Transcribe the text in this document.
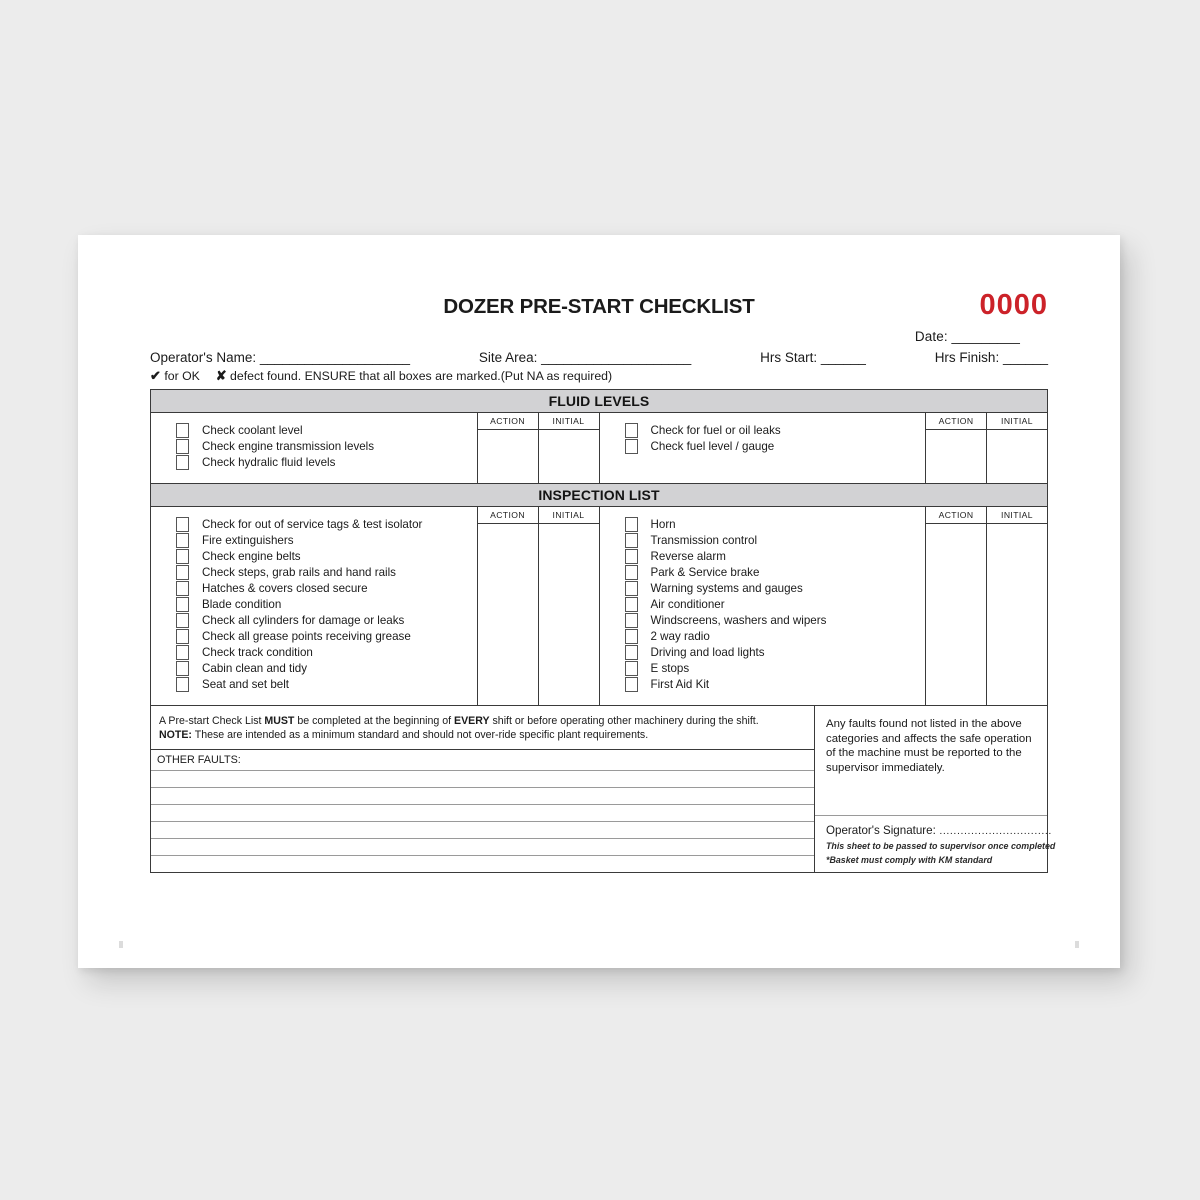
DOZER PRE-START CHECKLIST	0000
Date: _________
Operator's Name: ____________________	Site Area: ____________________	Hrs Start: ______	Hrs Finish: ______
✔ for OK ✘ defect found. ENSURE that all boxes are marked.(Put NA as required)
FLUID LEVELS
Check coolant level
Check engine transmission levels
Check hydralic fluid levels
ACTION	INITIAL
Check for fuel or oil leaks
Check fuel level / gauge
ACTION	INITIAL
INSPECTION LIST
Check for out of service tags & test isolator
Fire extinguishers
Check engine belts
Check steps, grab rails and hand rails
Hatches & covers closed secure
Blade condition
Check all cylinders for damage or leaks
Check all grease points receiving grease
Check track condition
Cabin clean and tidy
Seat and set belt
ACTION	INITIAL
Horn
Transmission control
Reverse alarm
Park & Service brake
Warning systems and gauges
Air conditioner
Windscreens, washers and wipers
2 way radio
Driving and load lights
E stops
First Aid Kit
ACTION	INITIAL
A Pre-start Check List MUST be completed at the beginning of EVERY shift or before operating other machinery during the shift.
NOTE: These are intended as a minimum standard and should not over-ride specific plant requirements.
OTHER FAULTS:
Any faults found not listed in the above categories and affects the safe operation of the machine must be reported to the supervisor immediately.
Operator's Signature: ................................
This sheet to be passed to supervisor once completed
*Basket must comply with KM standard
